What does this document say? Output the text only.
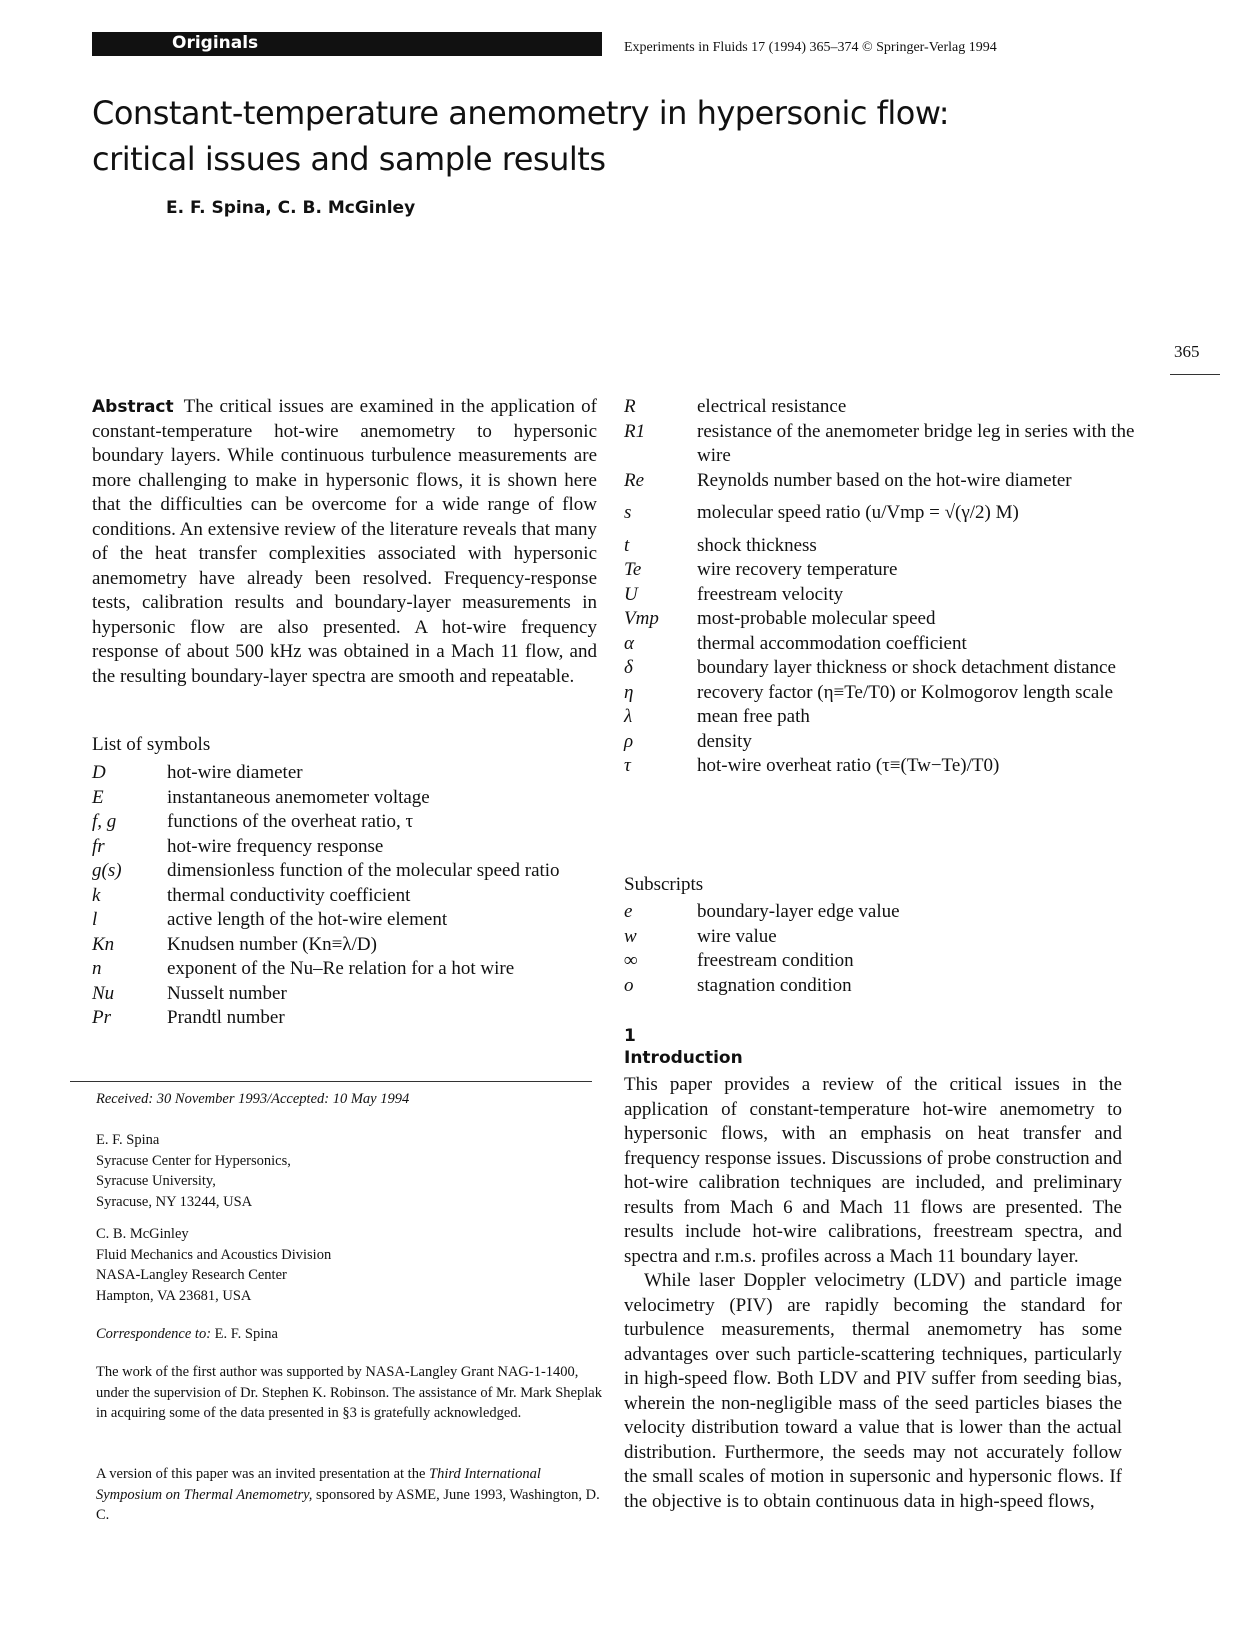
Originals	Experiments in Fluids 17 (1994) 365–374 © Springer-Verlag 1994
365
Constant-temperature anemometry in hypersonic flow:
critical issues and sample results
E. F. Spina, C. B. McGinley
Abstract The critical issues are examined in the application of constant-temperature hot-wire anemometry to hypersonic boundary layers. While continuous turbulence measurements are more challenging to make in hypersonic flows, it is shown here that the difficulties can be overcome for a wide range of flow conditions. An extensive review of the literature reveals that many of the heat transfer complexities associated with hypersonic anemometry have already been resolved. Frequency-response tests, calibration results and boundary-layer measurements in hypersonic flow are also presented. A hot-wire frequency response of about 500 kHz was obtained in a Mach 11 flow, and the resulting boundary-layer spectra are smooth and repeatable.
List of symbols
D	hot-wire diameter
E	instantaneous anemometer voltage
f, g	functions of the overheat ratio, τ
fr	hot-wire frequency response
g(s)	dimensionless function of the molecular speed ratio
k	thermal conductivity coefficient
l	active length of the hot-wire element
Kn	Knudsen number (Kn≡λ/D)
n	exponent of the Nu–Re relation for a hot wire
Nu	Nusselt number
Pr	Prandtl number
R	electrical resistance
R1	resistance of the anemometer bridge leg in series with the wire
Re	Reynolds number based on the hot-wire diameter
s	molecular speed ratio (u/Vmp = √(γ/2) M)
t	shock thickness
Te	wire recovery temperature
U	freestream velocity
Vmp	most-probable molecular speed
α	thermal accommodation coefficient
δ	boundary layer thickness or shock detachment distance
η	recovery factor (η≡Te/T0) or Kolmogorov length scale
λ	mean free path
ρ	density
τ	hot-wire overheat ratio (τ≡(Tw−Te)/T0)
Subscripts
e	boundary-layer edge value
w	wire value
∞	freestream condition
o	stagnation condition
1
Introduction

This paper provides a review of the critical issues in the application of constant-temperature hot-wire anemometry to hypersonic flows, with an emphasis on heat transfer and frequency response issues. Discussions of probe construction and hot-wire calibration techniques are included, and preliminary results from Mach 6 and Mach 11 flows are presented. The results include hot-wire calibrations, freestream spectra, and spectra and r.m.s. profiles across a Mach 11 boundary layer.

While laser Doppler velocimetry (LDV) and particle image velocimetry (PIV) are rapidly becoming the standard for turbulence measurements, thermal anemometry has some advantages over such particle-scattering techniques, particularly in high-speed flow. Both LDV and PIV suffer from seeding bias, wherein the non-negligible mass of the seed particles biases the velocity distribution toward a value that is lower than the actual distribution. Furthermore, the seeds may not accurately follow the small scales of motion in supersonic and hypersonic flows. If the objective is to obtain continuous data in high-speed flows,

Received: 30 November 1993/Accepted: 10 May 1994
E. F. Spina
Syracuse Center for Hypersonics,
Syracuse University,
Syracuse, NY 13244, USA
C. B. McGinley
Fluid Mechanics and Acoustics Division
NASA-Langley Research Center
Hampton, VA 23681, USA
Correspondence to: E. F. Spina
The work of the first author was supported by NASA-Langley Grant NAG-1-1400, under the supervision of Dr. Stephen K. Robinson. The assistance of Mr. Mark Sheplak in acquiring some of the data presented in §3 is gratefully acknowledged.
A version of this paper was an invited presentation at the Third International Symposium on Thermal Anemometry, sponsored by ASME, June 1993, Washington, D. C.
